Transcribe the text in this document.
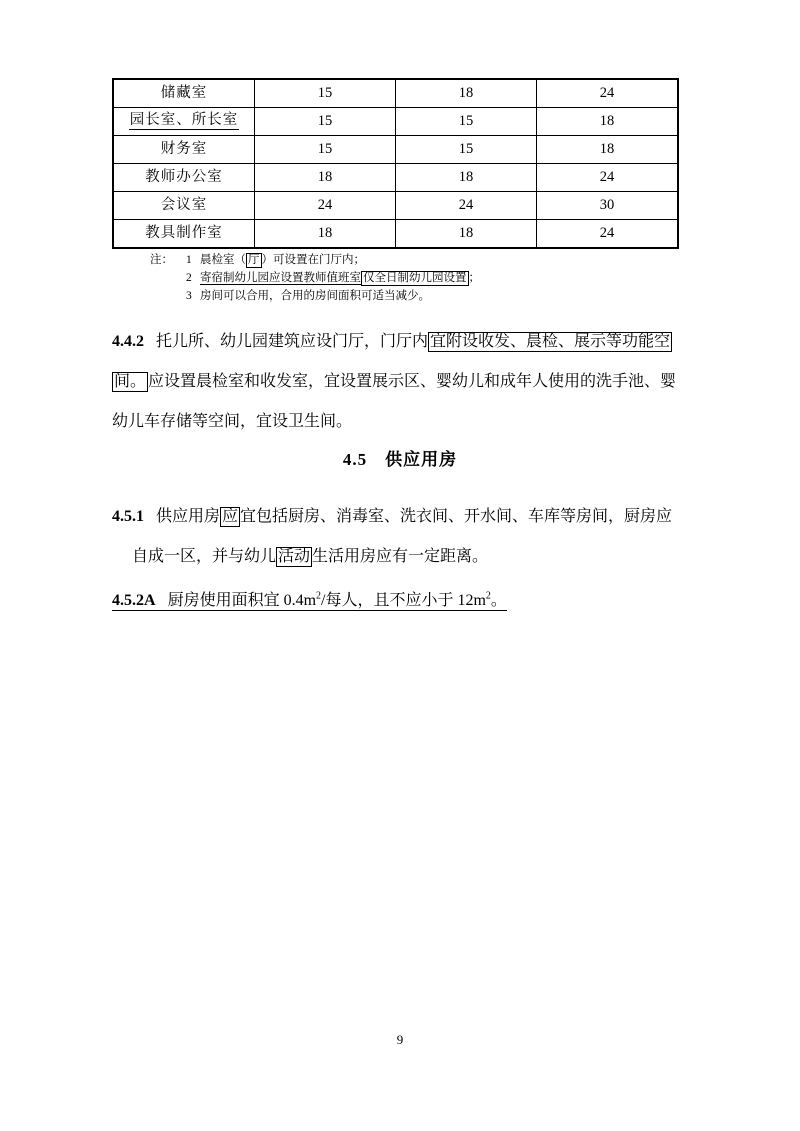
储藏室	15	18	24
园长室、所长室	15	15	18
财务室	15	15	18
教师办公室	18	18	24
会议室	24	24	30
教具制作室	18	18	24
注： 1 晨检室（ 厅 ）可设置在门厅内；
2 寄宿制幼儿园应设置教师值班室 仅全日制幼儿园设置 ；
3 房间可以合用，合用的房间面积可适当减少。
4.4.2 托儿所、幼儿园建筑应设门厅，门厅内 宜附设收发、晨检、展示等功能空
间。 应设置晨检室和收发室，宜设置展示区、婴幼儿和成年人使用的洗手池、婴
幼儿车存储等空间，宜设卫生间。
4.5　供应用房
4.5.1 供应用房 应 宜包括厨房、消毒室、洗衣间、开水间、车库等房间，厨房应
自成一区，并与幼儿 活动 生活用房应有一定距离。
4.5.2A 厨房使用面积宜 $0.4m^2/$每人，且不应小于 $12m^2$。
9
